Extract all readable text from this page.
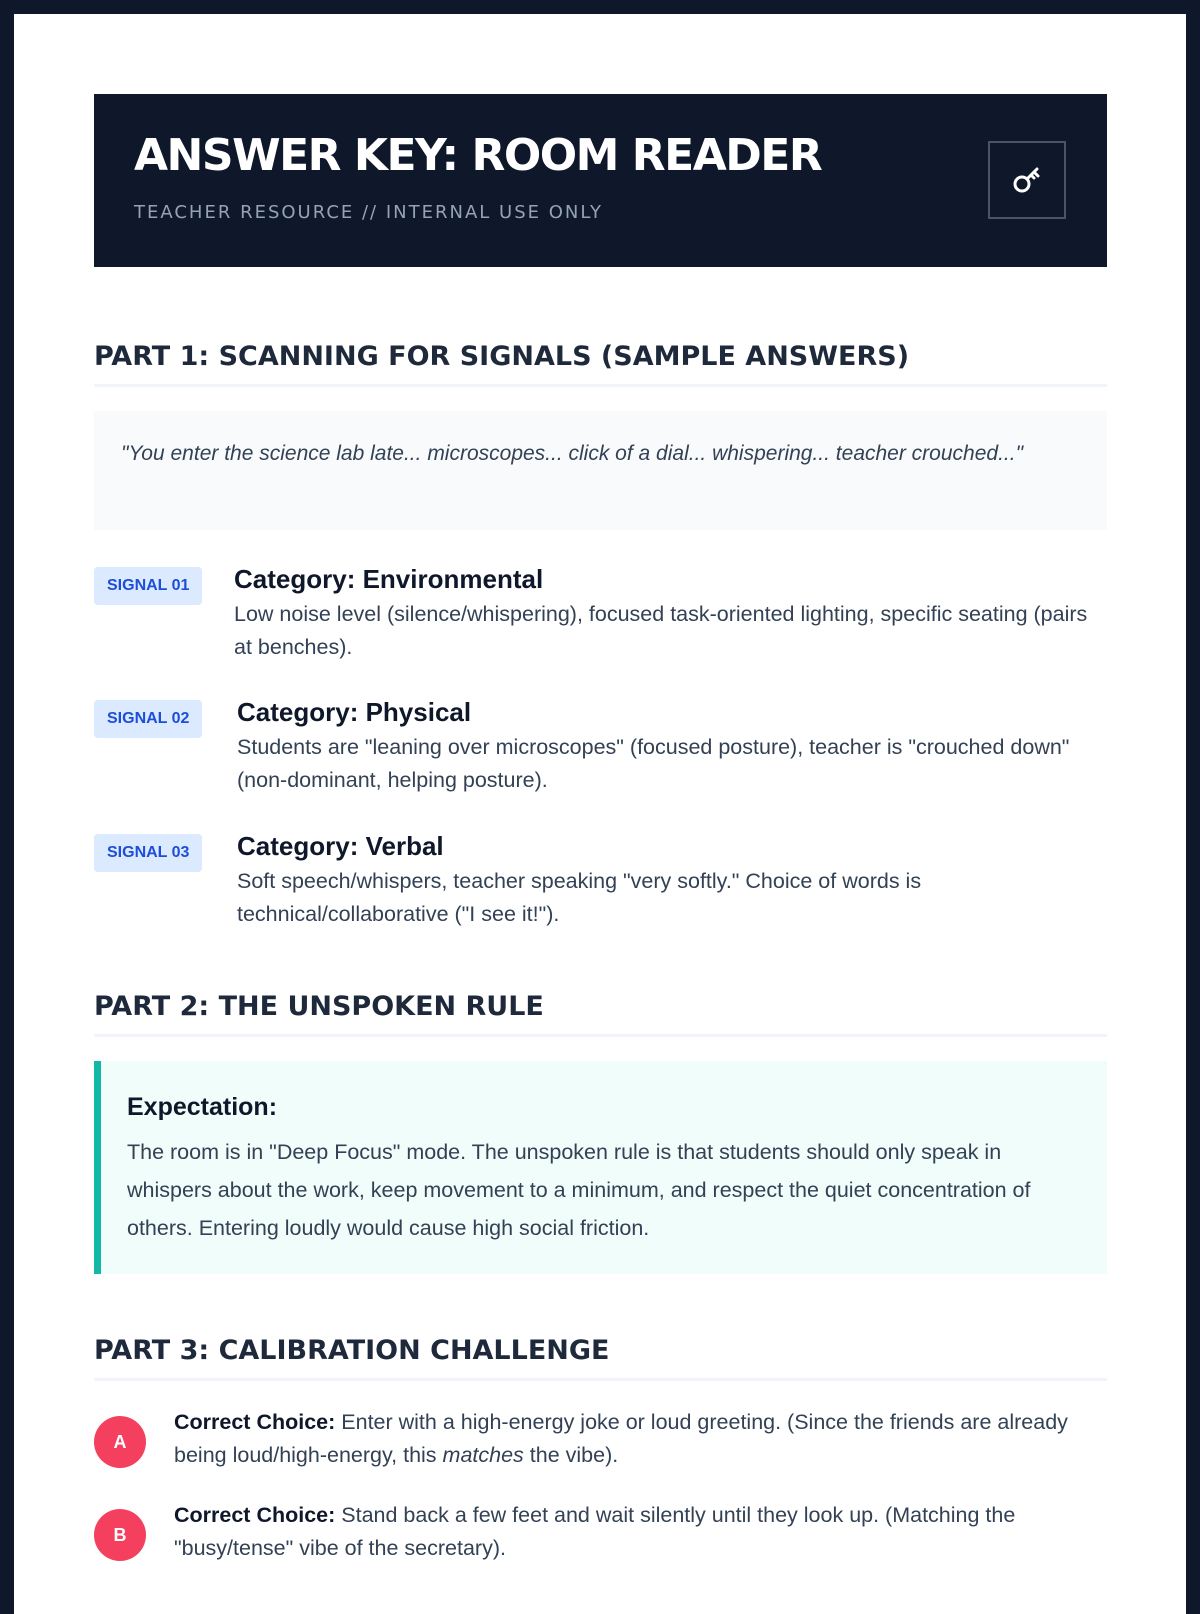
ANSWER KEY: ROOM READER
TEACHER RESOURCE // INTERNAL USE ONLY
PART 1: SCANNING FOR SIGNALS (SAMPLE ANSWERS)

"You enter the science lab late... microscopes... click of a dial... whispering... teacher crouched..."

SIGNAL 01	Category: Environmental

Low noise level (silence/whispering), focused task-oriented lighting, specific seating (pairs at benches).

SIGNAL 02	Category: Physical

Students are "leaning over microscopes" (focused posture), teacher is "crouched down" (non-dominant, helping posture).

SIGNAL 03	Category: Verbal

Soft speech/whispers, teacher speaking "very softly." Choice of words is technical/collaborative ("I see it!").

PART 2: THE UNSPOKEN RULE
Expectation:

The room is in "Deep Focus" mode. The unspoken rule is that students should only speak in whispers about the work, keep movement to a minimum, and respect the quiet concentration of others. Entering loudly would cause high social friction.

PART 3: CALIBRATION CHALLENGE
A

Correct Choice: Enter with a high-energy joke or loud greeting. (Since the friends are already being loud/high-energy, this matches the vibe).

B

Correct Choice: Stand back a few feet and wait silently until they look up. (Matching the "busy/tense" vibe of the secretary).
